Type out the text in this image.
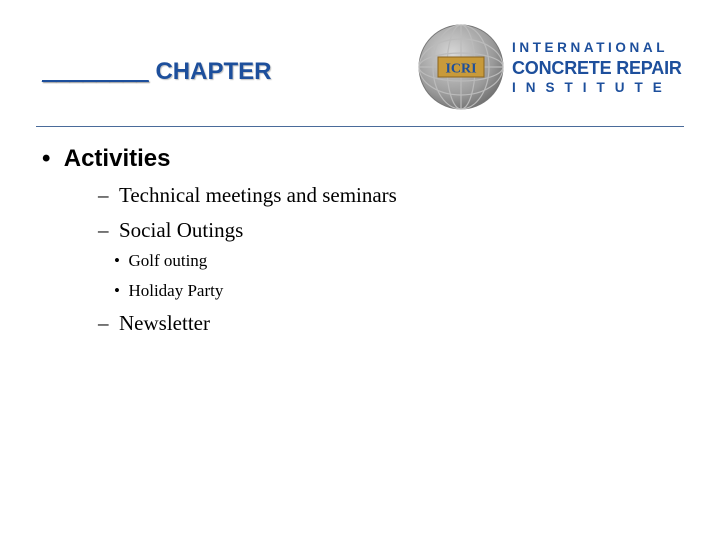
________ CHAPTER	ICRI
INTERNATIONAL
CONCRETE REPAIR
INSTITUTE
• Activities
– Technical meetings and seminars
– Social Outings
• Golf outing
• Holiday Party
– Newsletter
